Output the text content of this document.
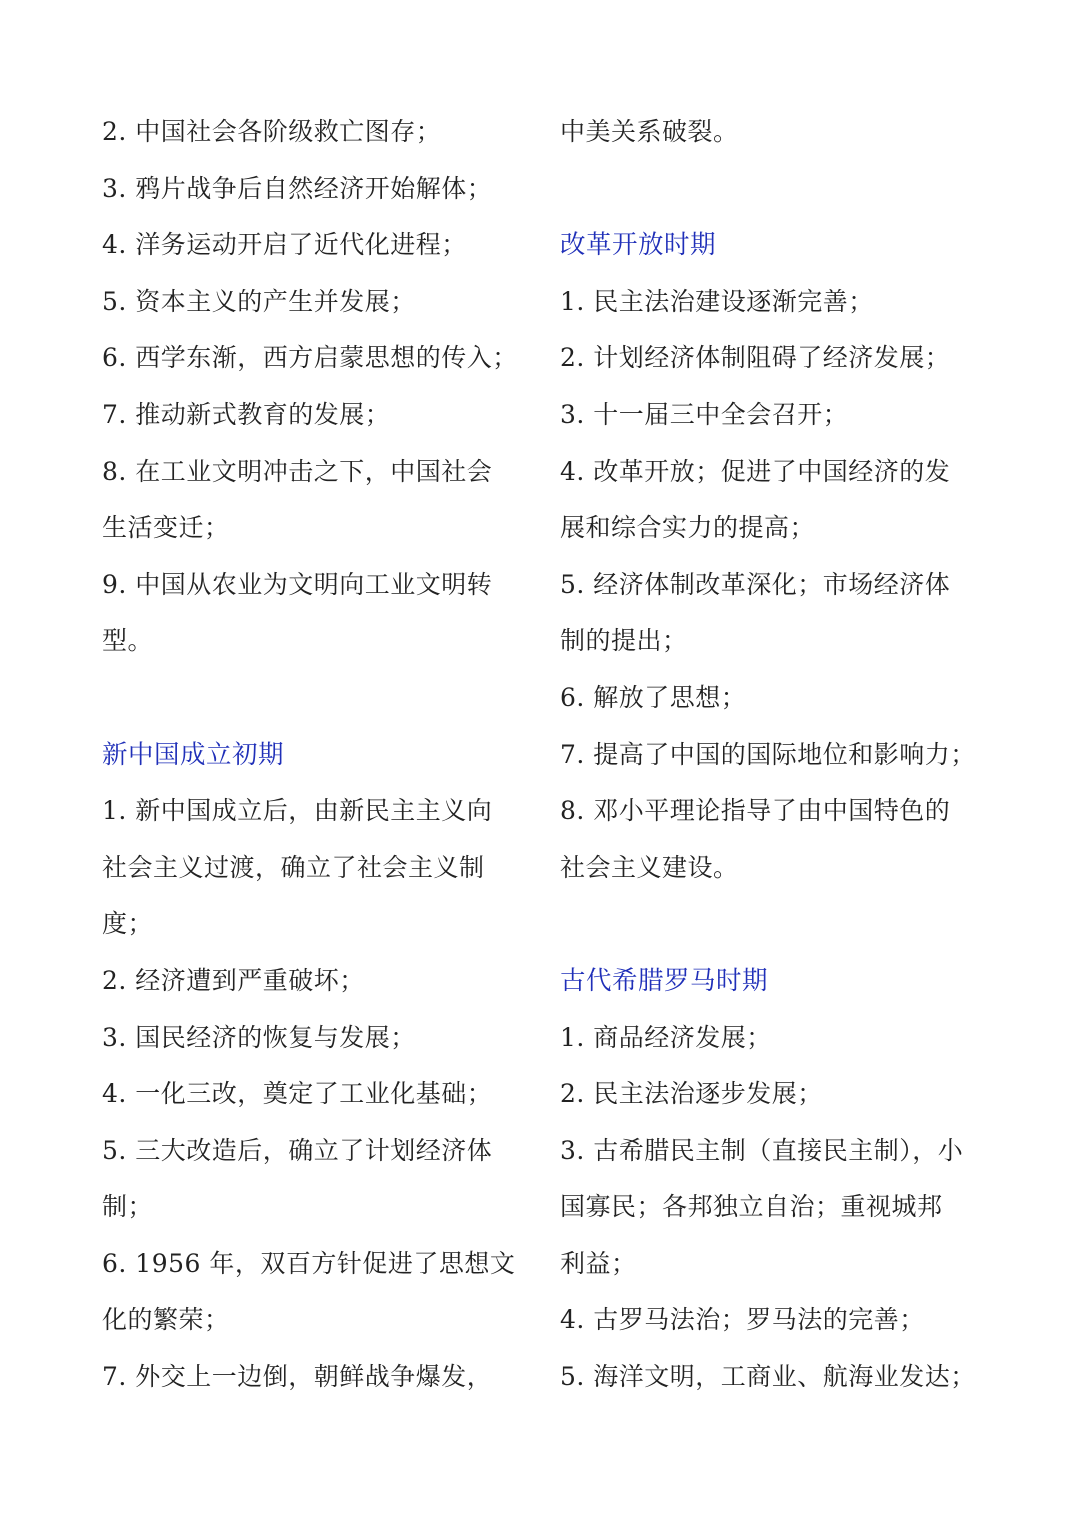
2. 中国社会各阶级救亡图存；
3. 鸦片战争后自然经济开始解体；
4. 洋务运动开启了近代化进程；
5. 资本主义的产生并发展；
6. 西学东渐，西方启蒙思想的传入；
7. 推动新式教育的发展；
8. 在工业文明冲击之下，中国社会
生活变迁；
9. 中国从农业为文明向工业文明转
型。
新中国成立初期
1. 新中国成立后，由新民主主义向
社会主义过渡，确立了社会主义制
度；
2. 经济遭到严重破坏；
3. 国民经济的恢复与发展；
4. 一化三改，奠定了工业化基础；
5. 三大改造后，确立了计划经济体
制；
6. 1956 年，双百方针促进了思想文
化的繁荣；
7. 外交上一边倒，朝鲜战争爆发，
中美关系破裂。
改革开放时期
1. 民主法治建设逐渐完善；
2. 计划经济体制阻碍了经济发展；
3. 十一届三中全会召开；
4. 改革开放；促进了中国经济的发
展和综合实力的提高；
5. 经济体制改革深化；市场经济体
制的提出；
6. 解放了思想；
7. 提高了中国的国际地位和影响力；
8. 邓小平理论指导了由中国特色的
社会主义建设。
古代希腊罗马时期
1. 商品经济发展；
2. 民主法治逐步发展；
3. 古希腊民主制（直接民主制），小
国寡民；各邦独立自治；重视城邦
利益；
4. 古罗马法治；罗马法的完善；
5. 海洋文明，工商业、航海业发达；
